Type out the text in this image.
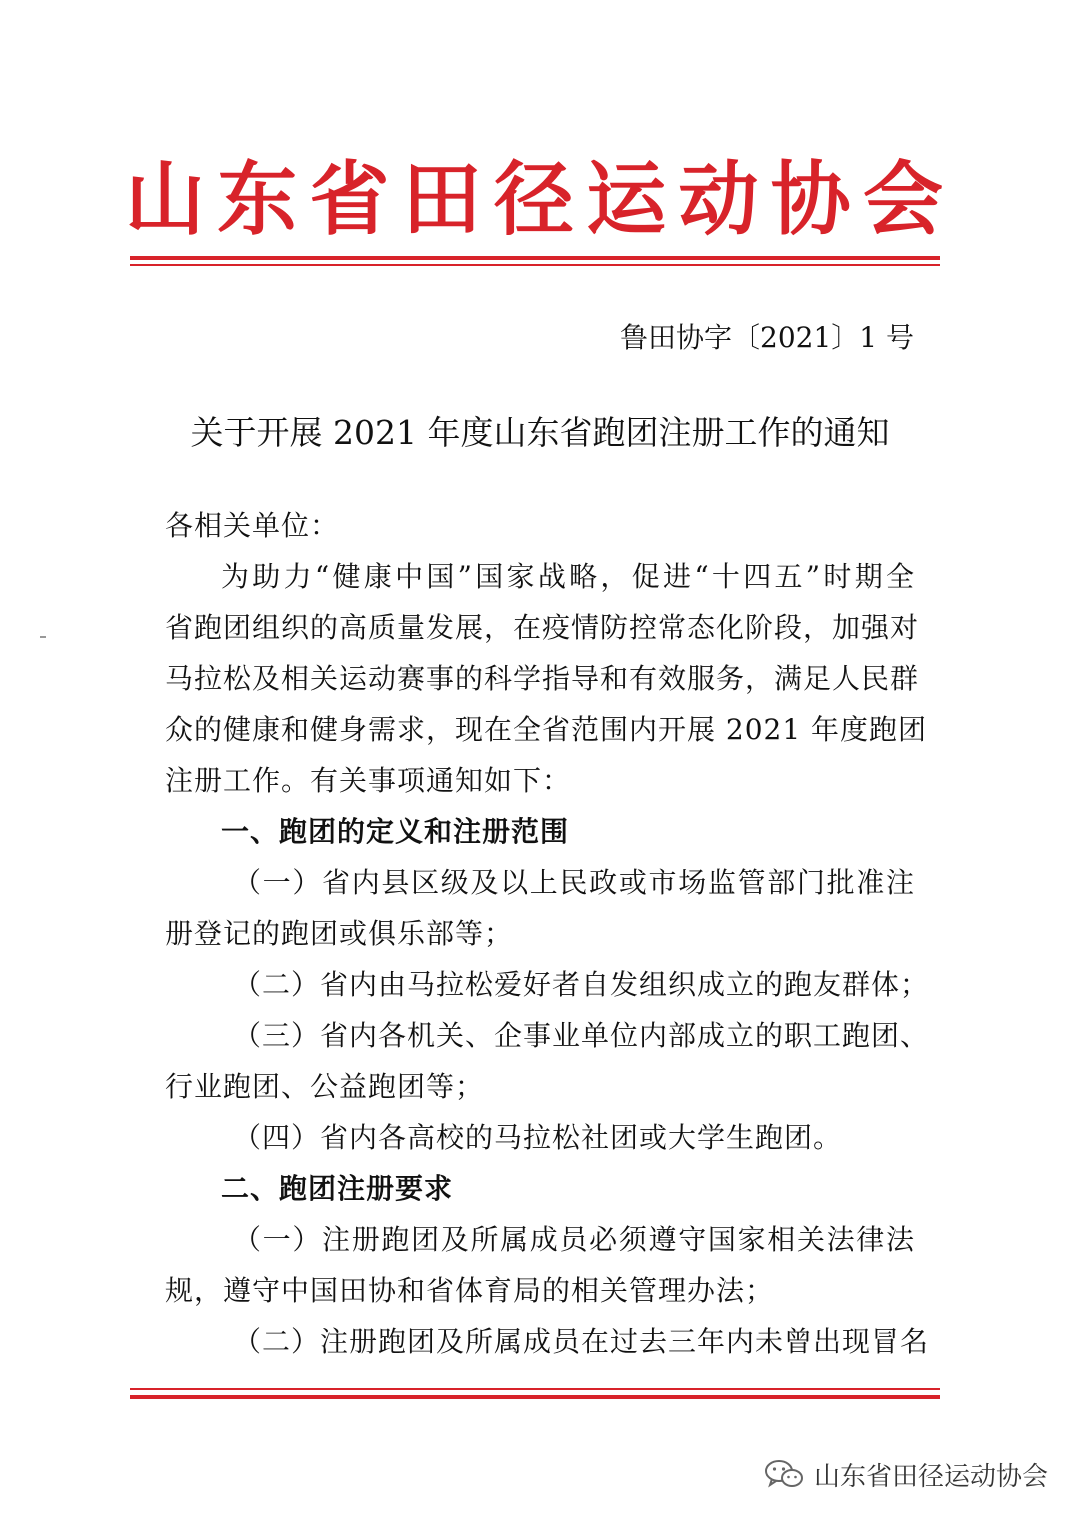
山 东 省 田 径 运 动 协 会
鲁田协字〔2021〕1 号
关于开展 2021 年度山东省跑团注册工作的通知
各相关单位：
为助力“健康中国”国家战略，促进“十四五”时期全
省跑团组织的高质量发展，在疫情防控常态化阶段，加强对
马拉松及相关运动赛事的科学指导和有效服务，满足人民群
众的健康和健身需求，现在全省范围内开展 2021 年度跑团
注册工作。有关事项通知如下：
一、跑团的定义和注册范围
（一）省内县区级及以上民政或市场监管部门批准注
册登记的跑团或俱乐部等；
（二）省内由马拉松爱好者自发组织成立的跑友群体；
（三）省内各机关、企事业单位内部成立的职工跑团、
行业跑团、公益跑团等；
（四）省内各高校的马拉松社团或大学生跑团。
二、跑团注册要求
（一）注册跑团及所属成员必须遵守国家相关法律法
规，遵守中国田协和省体育局的相关管理办法；
（二）注册跑团及所属成员在过去三年内未曾出现冒名
山东省田径运动协会
